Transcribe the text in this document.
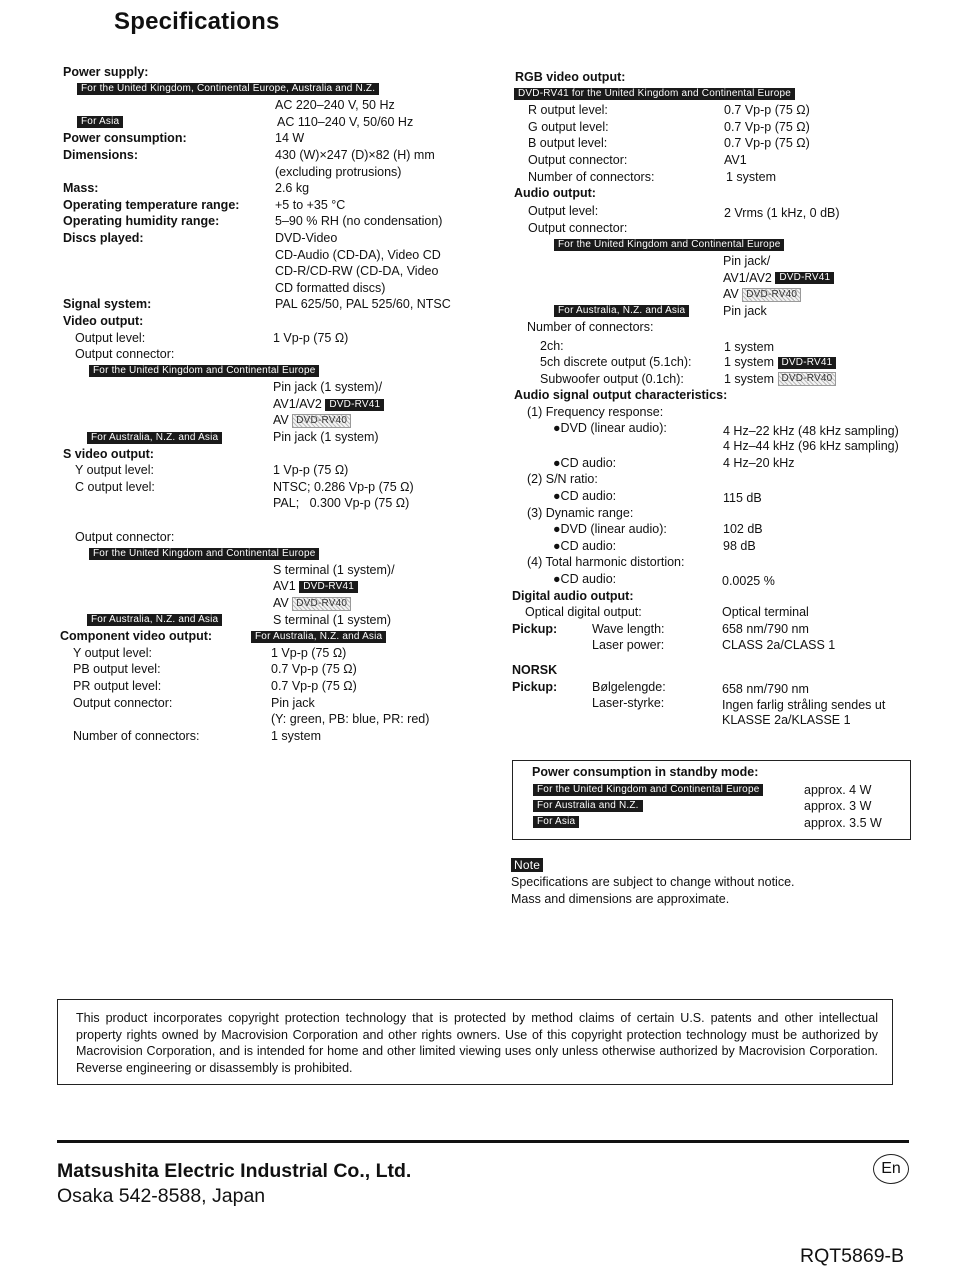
Specifications
Power supply:
For the United Kingdom, Continental Europe, Australia and N.Z.
AC 220–240 V, 50 Hz
For Asia	AC 110–240 V, 50/60 Hz
Power consumption:	14 W
Dimensions:	430 (W)×247 (D)×82 (H) mm
(excluding protrusions)
Mass:	2.6 kg
Operating temperature range:	+5 to +35 °C
Operating humidity range:	5–90 % RH (no condensation)
Discs played:	DVD-Video
CD-Audio (CD-DA), Video CD
CD-R/CD-RW (CD-DA, Video
CD formatted discs)
Signal system:	PAL 625/50, PAL 525/60, NTSC
Video output:
Output level:	1 Vp-p (75 Ω)
Output connector:
For the United Kingdom and Continental Europe
Pin jack (1 system)/
AV1/AV2 DVD-RV41
AV DVD-RV40
For Australia, N.Z. and Asia	Pin jack (1 system)
S video output:
Y output level:	1 Vp-p (75 Ω)
C output level:	NTSC; 0.286 Vp-p (75 Ω)
PAL;   0.300 Vp-p (75 Ω)
Output connector:
For the United Kingdom and Continental Europe
S terminal (1 system)/
AV1 DVD-RV41
AV DVD-RV40
For Australia, N.Z. and Asia	S terminal (1 system)
Component video output:	For Australia, N.Z. and Asia
Y output level:	1 Vp-p (75 Ω)
PB output level:	0.7 Vp-p (75 Ω)
PR output level:	0.7 Vp-p (75 Ω)
Output connector:	Pin jack
(Y: green, PB: blue, PR: red)
Number of connectors:	1 system
RGB video output:
DVD-RV41 for the United Kingdom and Continental Europe
R output level:	0.7 Vp-p (75 Ω)
G output level:	0.7 Vp-p (75 Ω)
B output level:	0.7 Vp-p (75 Ω)
Output connector:	AV1
Number of connectors:	1 system
Audio output:
Output level:	2 Vrms (1 kHz, 0 dB)
Output connector:
For the United Kingdom and Continental Europe
Pin jack/
AV1/AV2 DVD-RV41
AV DVD-RV40
For Australia, N.Z. and Asia	Pin jack
Number of connectors:
2ch:	1 system
5ch discrete output (5.1ch):	1 system DVD-RV41
Subwoofer output (0.1ch):	1 system DVD-RV40
Audio signal output characteristics:
(1) Frequency response:
●DVD (linear audio):	4 Hz–22 kHz (48 kHz sampling)
4 Hz–44 kHz (96 kHz sampling)
●CD audio:	4 Hz–20 kHz
(2) S/N ratio:
●CD audio:	115 dB
(3) Dynamic range:
●DVD (linear audio):	102 dB
●CD audio:	98 dB
(4) Total harmonic distortion:
●CD audio:	0.0025 %
Digital audio output:
Optical digital output:	Optical terminal
Pickup:	Wave length:	658 nm/790 nm
Laser power:	CLASS 2a/CLASS 1
NORSK
Pickup:	Bølgelengde:	658 nm/790 nm
Laser-styrke:	Ingen farlig stråling sendes ut
KLASSE 2a/KLASSE 1
Power consumption in standby mode:
For the United Kingdom and Continental Europe	approx. 4 W
For Australia and N.Z.	approx. 3 W
For Asia	approx. 3.5 W
Note
Specifications are subject to change without notice.
Mass and dimensions are approximate.
This product incorporates copyright protection technology that is protected by method claims of certain U.S. patents and other intellectual property rights owned by Macrovision Corporation and other rights owners. Use of this copyright protection technology must be authorized by Macrovision Corporation, and is intended for home and other limited viewing uses only unless otherwise authorized by Macrovision Corporation. Reverse engineering or disassembly is prohibited.
Matsushita Electric Industrial Co., Ltd.
Osaka 542-8588, Japan
En
RQT5869-B
